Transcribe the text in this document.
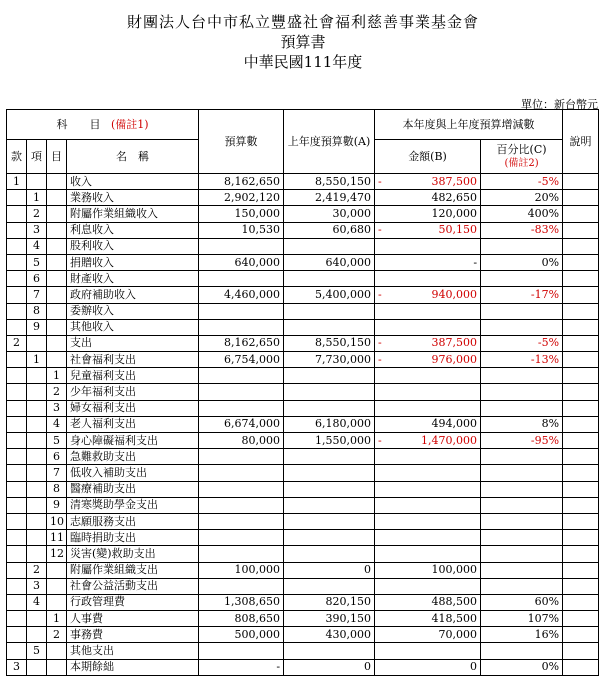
財團法人台中市私立豐盛社會福利慈善事業基金會
預算書
中華民國111年度
單位：新台幣元
科　　目 (備註1)				預算數	上年度預算數(A)	本年度與上年度預算增減數		說明
款	項	目	名　稱			金額(B)	百分比(C)
(備註2)	

1			收入	8,162,650	8,550,150	- 387,500	-5%	
	1		業務收入	2,902,120	2,419,470	482,650	20%	
	2		附屬作業組織收入	150,000	30,000	120,000	400%	
	3		利息收入	10,530	60,680	- 50,150	-83%	
	4		股利收入					
	5		捐贈收入	640,000	640,000	-	0%	
	6		財產收入					
	7		政府補助收入	4,460,000	5,400,000	- 940,000	-17%	
	8		委辦收入					
	9		其他收入					
2			支出	8,162,650	8,550,150	- 387,500	-5%	
	1		社會福利支出	6,754,000	7,730,000	- 976,000	-13%	
		1	兒童福利支出					
		2	少年福利支出					
		3	婦女福利支出					
		4	老人福利支出	6,674,000	6,180,000	494,000	8%	
		5	身心障礙福利支出	80,000	1,550,000	- 1,470,000	-95%	
		6	急難救助支出					
		7	低收入補助支出					
		8	醫療補助支出					
		9	清寒獎助學金支出					
		10	志願服務支出					
		11	臨時捐助支出					
		12	災害(變)救助支出					
	2		附屬作業組織支出	100,000	0	100,000		
	3		社會公益活動支出					
	4		行政管理費	1,308,650	820,150	488,500	60%	
		1	人事費	808,650	390,150	418,500	107%	
		2	事務費	500,000	430,000	70,000	16%	
	5		其他支出					
3			本期餘絀	-	0	0	0%	
